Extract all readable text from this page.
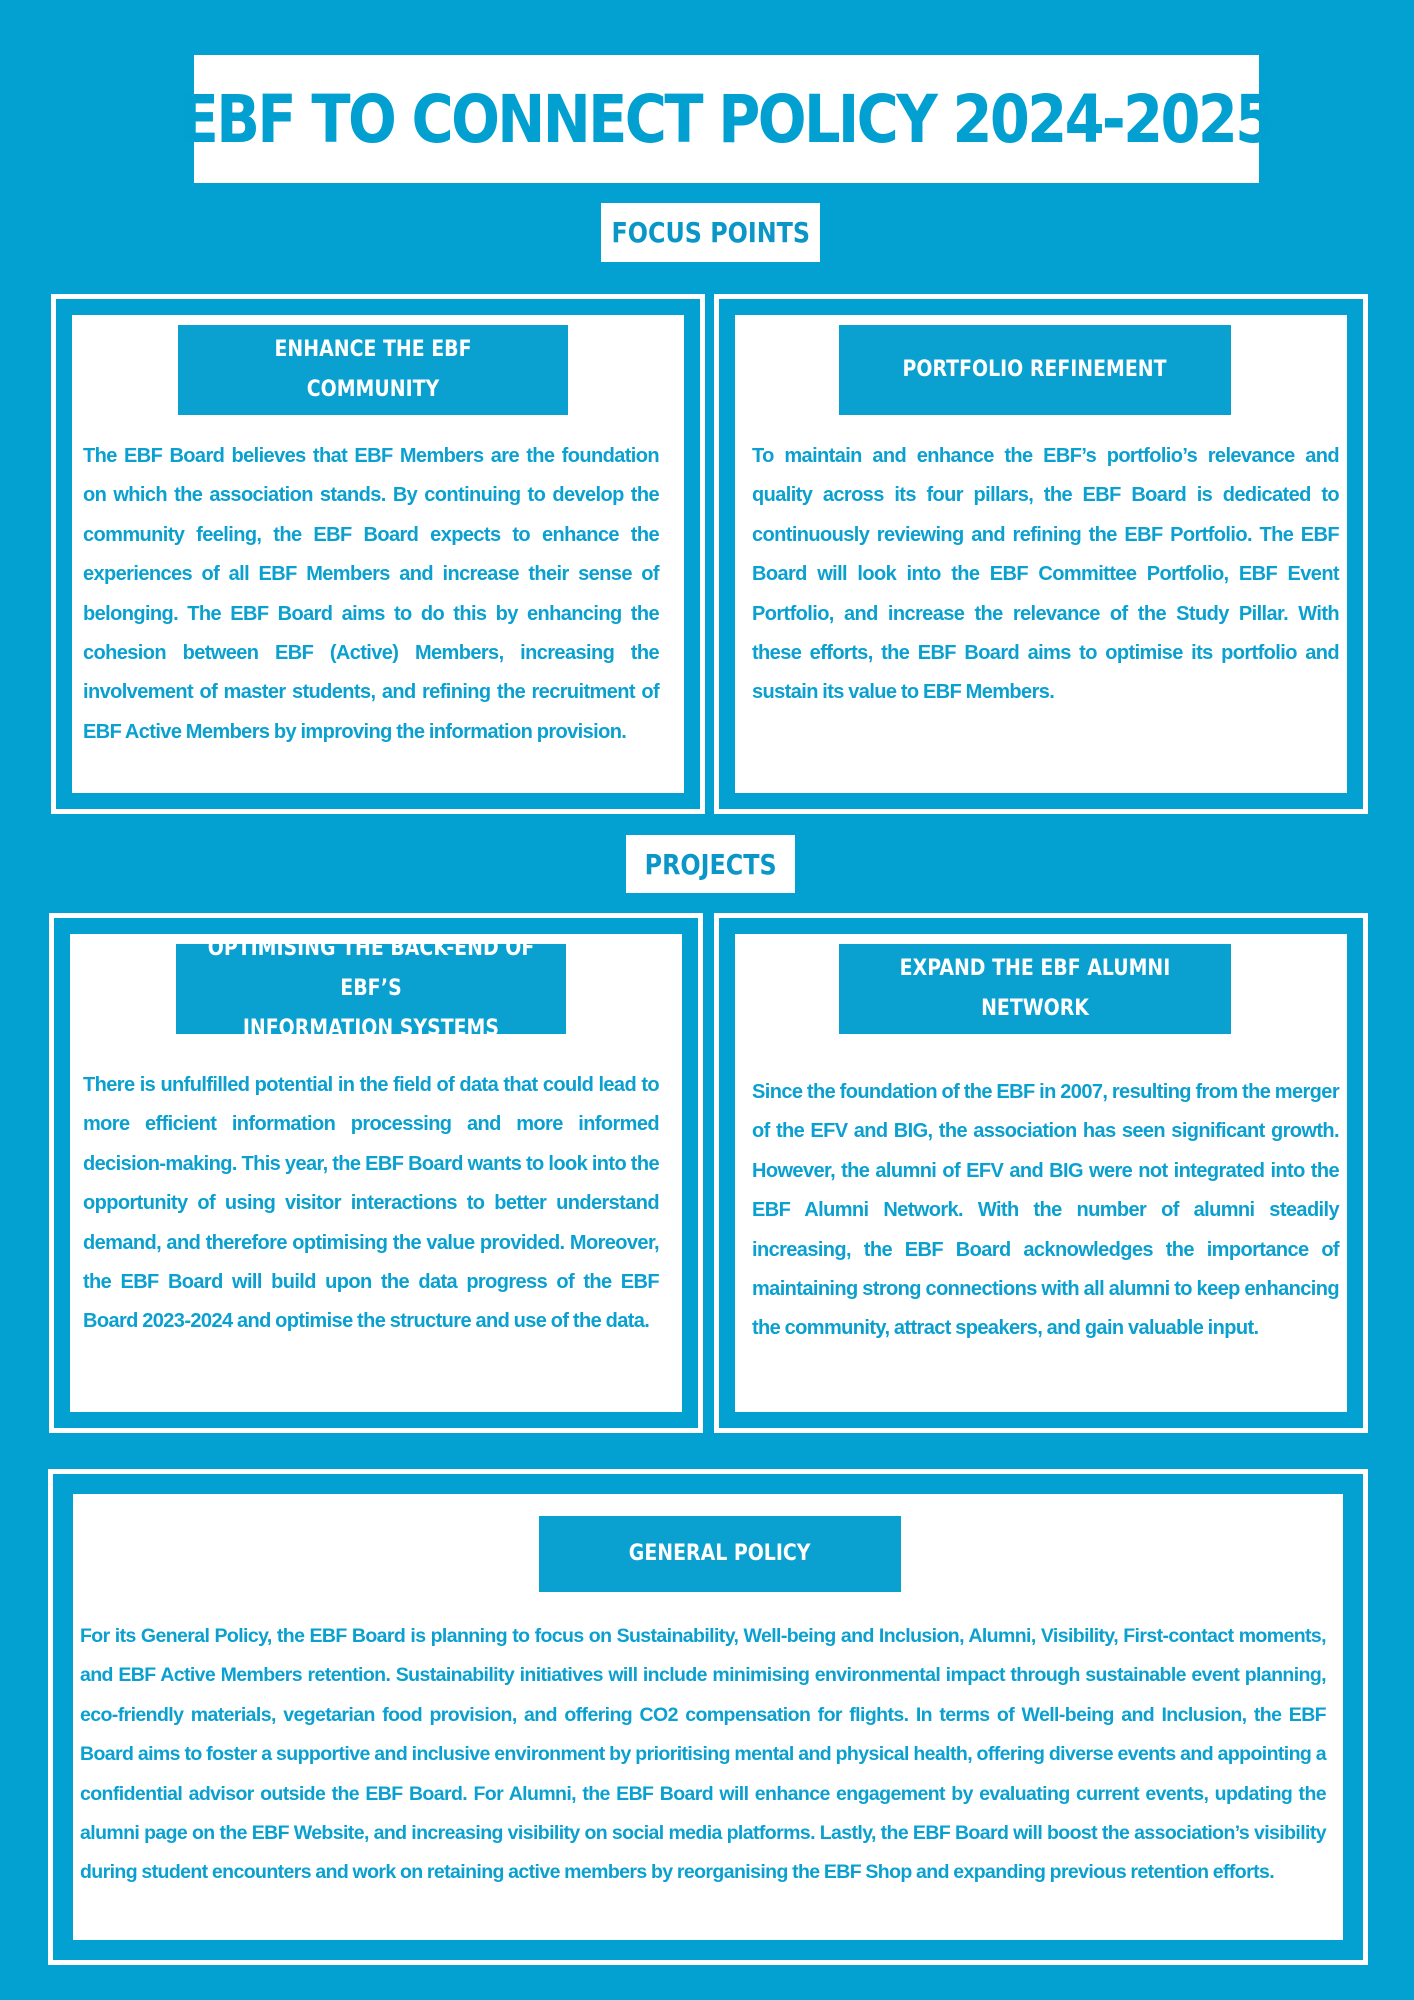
EBF TO CONNECT POLICY 2024-2025
FOCUS POINTS
ENHANCE THE EBF COMMUNITY

The EBF Board believes that EBF Members are the foundation on which the association stands. By continuing to develop the community feeling, the EBF Board expects to enhance the experiences of all EBF Members and increase their sense of belonging. The EBF Board aims to do this by enhancing the cohesion between EBF (Active) Members, increasing the involvement of master students, and refining the recruitment of EBF Active Members by improving the information provision.

PORTFOLIO REFINEMENT

To maintain and enhance the EBF’s portfolio’s relevance and quality across its four pillars, the EBF Board is dedicated to continuously reviewing and refining the EBF Portfolio. The EBF Board will look into the EBF Committee Portfolio, EBF Event Portfolio, and increase the relevance of the Study Pillar. With these efforts, the EBF Board aims to optimise its portfolio and sustain its value to EBF Members.

PROJECTS
OPTIMISING THE BACK-END OF EBF’S
INFORMATION SYSTEMS

There is unfulfilled potential in the field of data that could lead to more efficient information processing and more informed decision-making. This year, the EBF Board wants to look into the opportunity of using visitor interactions to better understand demand, and therefore optimising the value provided. Moreover, the EBF Board will build upon the data progress of the EBF Board 2023-2024 and optimise the structure and use of the data.

EXPAND THE EBF ALUMNI NETWORK

Since the foundation of the EBF in 2007, resulting from the merger of the EFV and BIG, the association has seen significant growth. However, the alumni of EFV and BIG were not integrated into the EBF Alumni Network. With the number of alumni steadily increasing, the EBF Board acknowledges the importance of maintaining strong connections with all alumni to keep enhancing the community, attract speakers, and gain valuable input.

GENERAL POLICY

For its General Policy, the EBF Board is planning to focus on Sustainability, Well-being and Inclusion, Alumni, Visibility, First-contact moments, and EBF Active Members retention. Sustainability initiatives will include minimising environmental impact through sustainable event planning, eco-friendly materials, vegetarian food provision, and offering CO2 compensation for flights. In terms of Well-being and Inclusion, the EBF Board aims to foster a supportive and inclusive environment by prioritising mental and physical health, offering diverse events and appointing a confidential advisor outside the EBF Board. For Alumni, the EBF Board will enhance engagement by evaluating current events, updating the alumni page on the EBF Website, and increasing visibility on social media platforms. Lastly, the EBF Board will boost the association’s visibility during student encounters and work on retaining active members by reorganising the EBF Shop and expanding previous retention efforts.
